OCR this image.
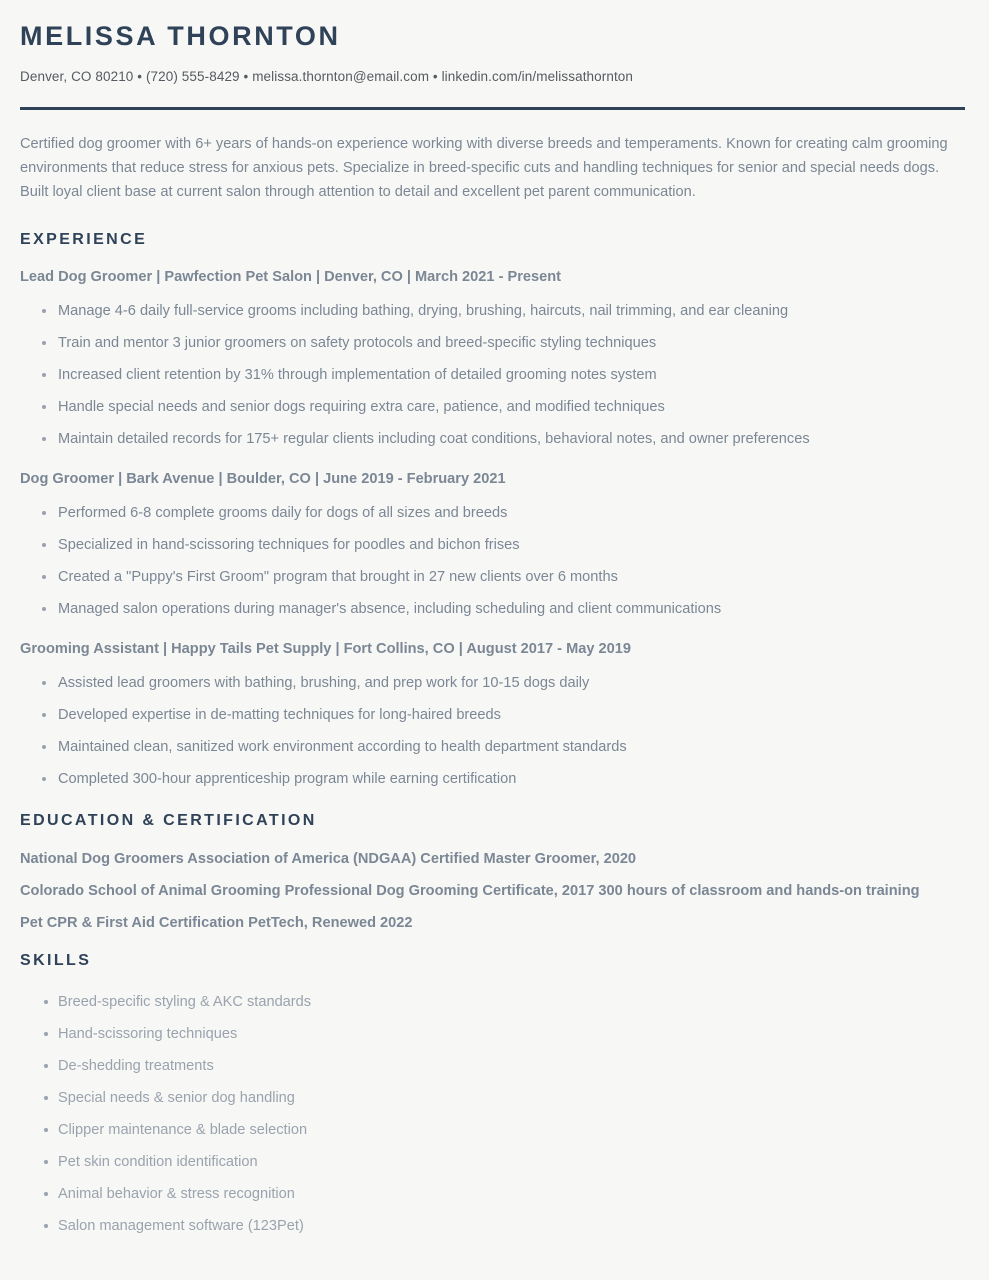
MELISSA THORNTON
Denver, CO 80210 • (720) 555-8429 • melissa.thornton@email.com • linkedin.com/in/melissathornton

Certified dog groomer with 6+ years of hands-on experience working with diverse breeds and temperaments. Known for creating calm grooming environments that reduce stress for anxious pets. Specialize in breed-specific cuts and handling techniques for senior and special needs dogs. Built loyal client base at current salon through attention to detail and excellent pet parent communication.

EXPERIENCE
Lead Dog Groomer | Pawfection Pet Salon | Denver, CO | March 2021 - Present
Manage 4-6 daily full-service grooms including bathing, drying, brushing, haircuts, nail trimming, and ear cleaning
Train and mentor 3 junior groomers on safety protocols and breed-specific styling techniques
Increased client retention by 31% through implementation of detailed grooming notes system
Handle special needs and senior dogs requiring extra care, patience, and modified techniques
Maintain detailed records for 175+ regular clients including coat conditions, behavioral notes, and owner preferences
Dog Groomer | Bark Avenue | Boulder, CO | June 2019 - February 2021
Performed 6-8 complete grooms daily for dogs of all sizes and breeds
Specialized in hand-scissoring techniques for poodles and bichon frises
Created a "Puppy's First Groom" program that brought in 27 new clients over 6 months
Managed salon operations during manager's absence, including scheduling and client communications
Grooming Assistant | Happy Tails Pet Supply | Fort Collins, CO | August 2017 - May 2019
Assisted lead groomers with bathing, brushing, and prep work for 10-15 dogs daily
Developed expertise in de-matting techniques for long-haired breeds
Maintained clean, sanitized work environment according to health department standards
Completed 300-hour apprenticeship program while earning certification
EDUCATION & CERTIFICATION
National Dog Groomers Association of America (NDGAA) Certified Master Groomer, 2020
Colorado School of Animal Grooming Professional Dog Grooming Certificate, 2017 300 hours of classroom and hands-on training
Pet CPR & First Aid Certification PetTech, Renewed 2022
SKILLS
Breed-specific styling & AKC standards
Hand-scissoring techniques
De-shedding treatments
Special needs & senior dog handling
Clipper maintenance & blade selection
Pet skin condition identification
Animal behavior & stress recognition
Salon management software (123Pet)
